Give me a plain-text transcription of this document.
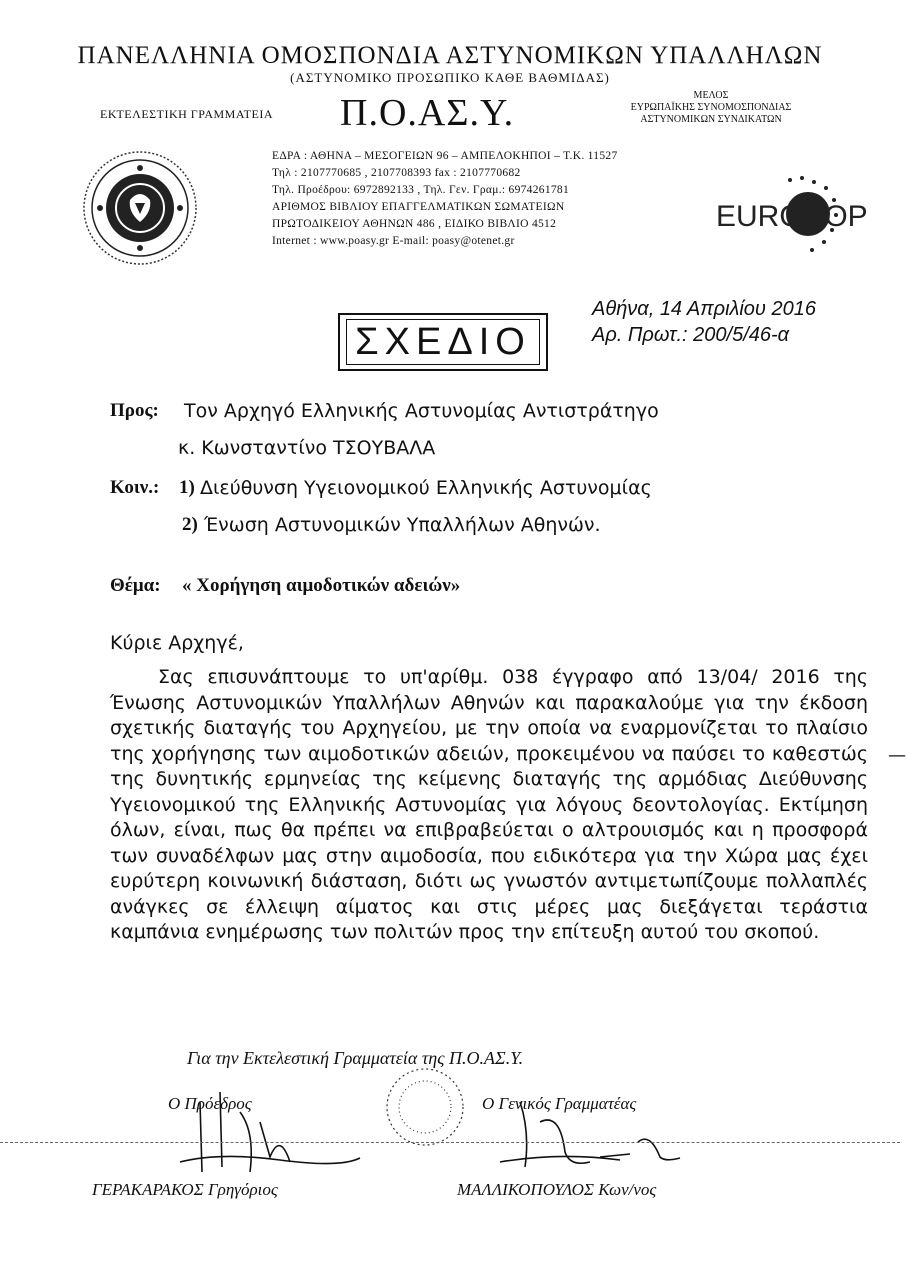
ΠΑΝΕΛΛΗΝΙΑ ΟΜΟΣΠΟΝΔΙΑ ΑΣΤΥΝΟΜΙΚΩΝ ΥΠΑΛΛΗΛΩΝ
(ΑΣΤΥΝΟΜΙΚΟ ΠΡΟΣΩΠΙΚΟ ΚΑΘΕ ΒΑΘΜΙΔΑΣ)
ΕΚΤΕΛΕΣΤΙΚΗ ΓΡΑΜΜΑΤΕΙΑ Π.Ο.ΑΣ.Υ.	ΜΕΛΟΣ
ΕΥΡΩΠΑΪΚΗΣ ΣΥΝΟΜΟΣΠΟΝΔΙΑΣ
ΑΣΤΥΝΟΜΙΚΩΝ ΣΥΝΔΙΚΑΤΩΝ
ΕΔΡΑ : ΑΘΗΝΑ – ΜΕΣΟΓΕΙΩΝ 96 – ΑΜΠΕΛΟΚΗΠΟΙ – Τ.Κ. 11527
Τηλ : 2107770685 , 2107708393 fax : 2107770682
Τηλ. Προέδρου: 6972892133 , Τηλ. Γεν. Γραμ.: 6974261781
ΑΡΙΘΜΟΣ ΒΙΒΛΙΟΥ ΕΠΑΓΓΕΛΜΑΤΙΚΩΝ ΣΩΜΑΤΕΙΩΝ
ΠΡΩΤΟΔΙΚΕΙΟΥ ΑΘΗΝΩΝ 486 , ΕΙΔΙΚΟ ΒΙΒΛΙΟ 4512
Internet : www.poasy.gr E-mail: poasy@otenet.gr
EUROCOP
ΣΧΕΔΙΟ
Αθήνα, 14 Απριλίου 2016
Αρ. Πρωτ.: 200/5/46-α
Προς: Τον Αρχηγό Ελληνικής Αστυνομίας Αντιστράτηγο
κ. Κωνσταντίνο ΤΣΟΥΒΑΛΑ
Κοιν.: 1) Διεύθυνση Υγειονομικού Ελληνικής Αστυνομίας
2) Ένωση Αστυνομικών Υπαλλήλων Αθηνών.
Θέμα: « Χορήγηση αιμοδοτικών αδειών»
Κύριε Αρχηγέ,

Σας επισυνάπτουμε το υπ'αρίθμ. 038 έγγραφο από 13/04/ 2016 της Ένωσης Αστυνομικών Υπαλλήλων Αθηνών και παρακαλούμε για την έκδοση σχετικής διαταγής του Αρχηγείου, με την οποία να εναρμονίζεται το πλαίσιο της χορήγησης των αιμοδοτικών αδειών, προκειμένου να παύσει το καθεστώς της δυνητικής ερμηνείας της κείμενης διαταγής της αρμόδιας Διεύθυνσης Υγειονομικού της Ελληνικής Αστυνομίας για λόγους δεοντολογίας. Εκτίμηση όλων, είναι, πως θα πρέπει να επιβραβεύεται ο αλτρουισμός και η προσφορά των συναδέλφων μας στην αιμοδοσία, που ειδικότερα για την Χώρα μας έχει ευρύτερη κοινωνική διάσταση, διότι ως γνωστόν αντιμετωπίζουμε πολλαπλές ανάγκες σε έλλειψη αίματος και στις μέρες μας διεξάγεται τεράστια καμπάνια ενημέρωσης των πολιτών προς την επίτευξη αυτού του σκοπού.

—
Για την Εκτελεστική Γραμματεία της Π.Ο.ΑΣ.Υ.
Ο Πρόεδρος	Ο Γενικός Γραμματέας
ΓΕΡΑΚΑΡΑΚΟΣ Γρηγόριος	ΜΑΛΛΙΚΟΠΟΥΛΟΣ Κων/νος
